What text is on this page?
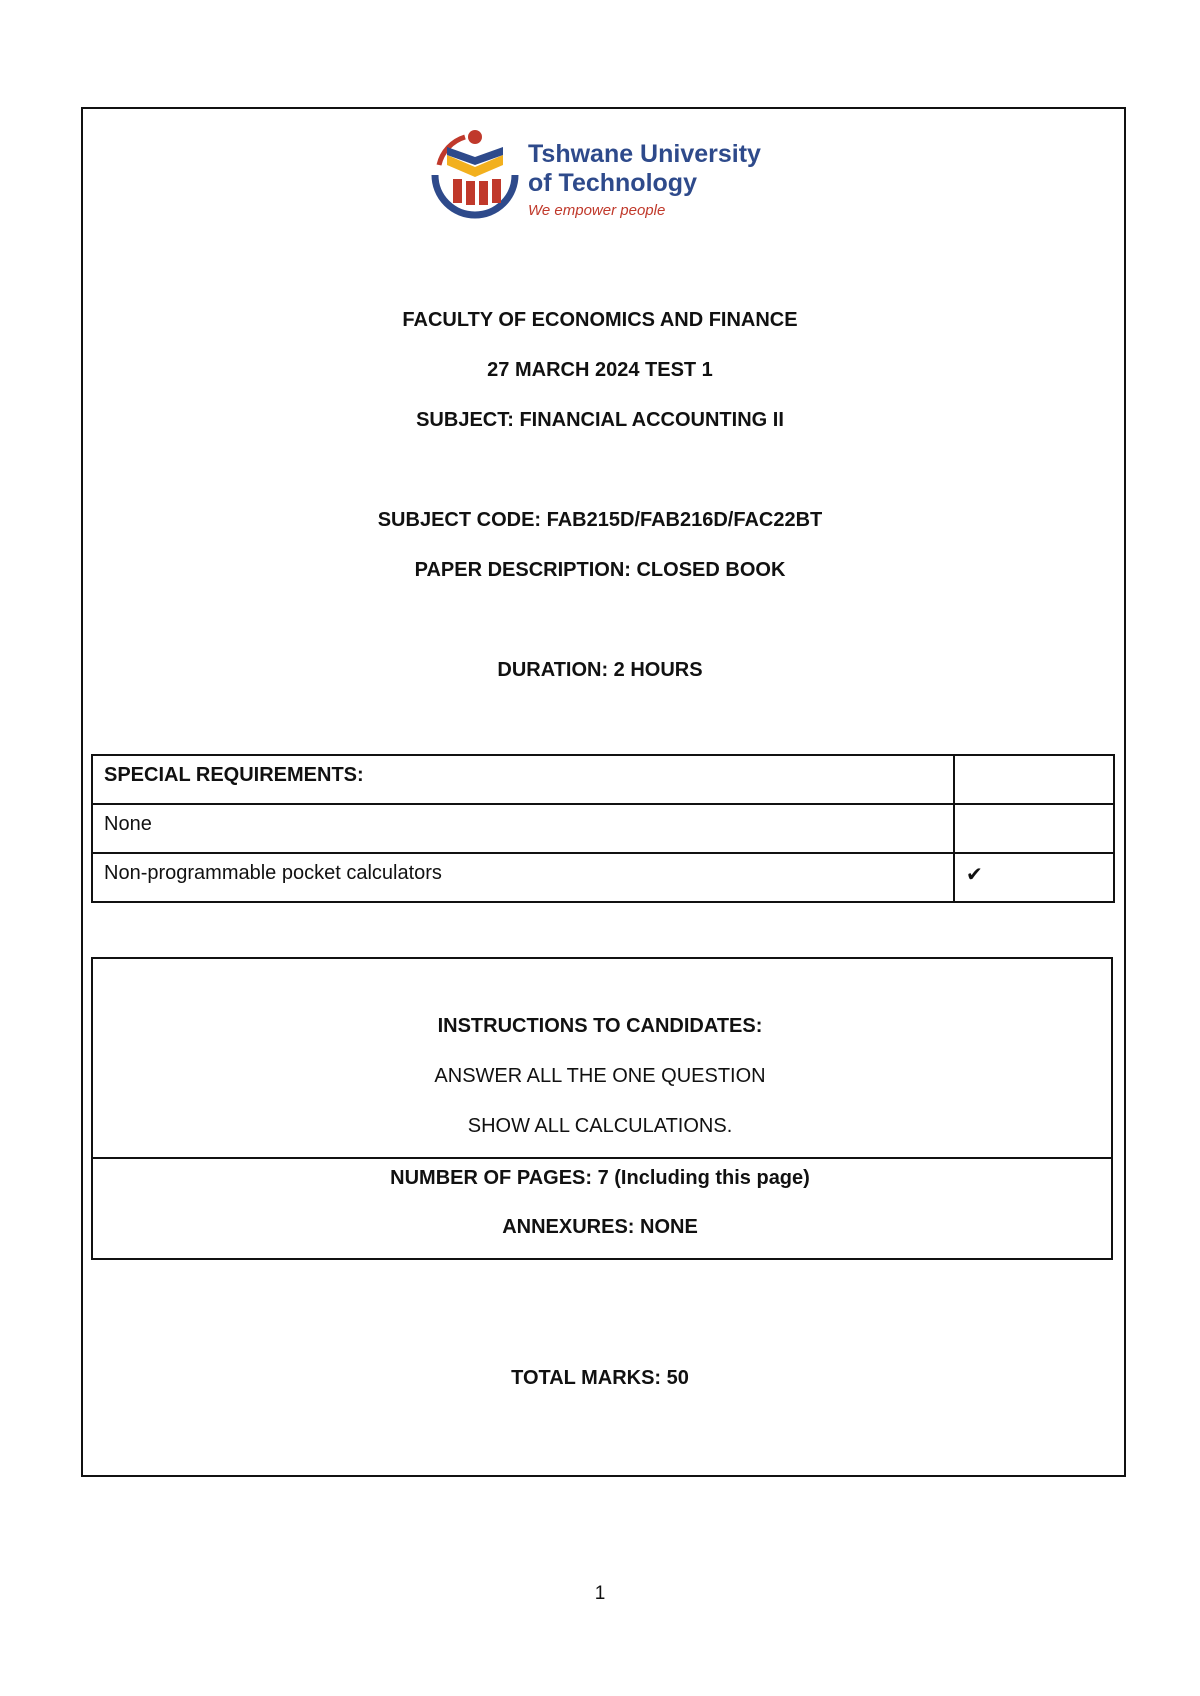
Tshwane University
of Technology
We empower people
FACULTY OF ECONOMICS AND FINANCE
27 MARCH 2024 TEST 1
SUBJECT: FINANCIAL ACCOUNTING II
SUBJECT CODE: FAB215D/FAB216D/FAC22BT
PAPER DESCRIPTION: CLOSED BOOK
DURATION: 2 HOURS
SPECIAL REQUIREMENTS:	
None	
Non-programmable pocket calculators	✔
INSTRUCTIONS TO CANDIDATES:
ANSWER ALL THE ONE QUESTION
SHOW ALL CALCULATIONS.
NUMBER OF PAGES: 7 (Including this page)
ANNEXURES: NONE
TOTAL MARKS: 50
1
